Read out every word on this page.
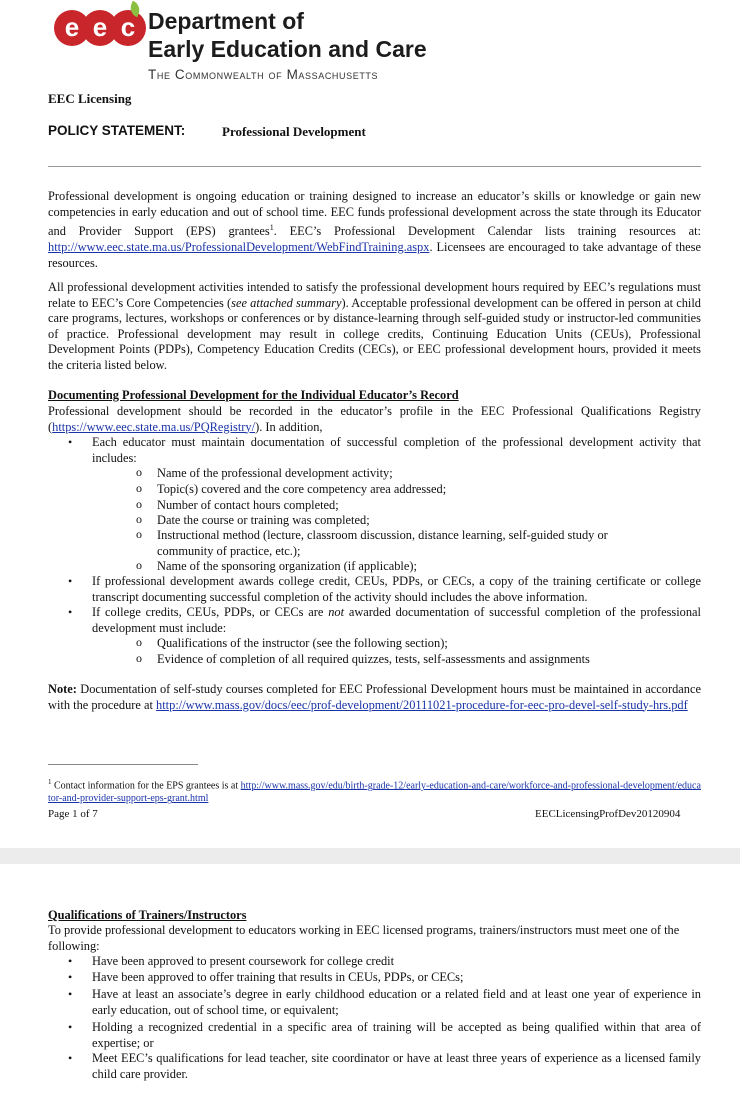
e e c Department of
Early Education and Care
The Commonwealth of Massachusetts
EEC Licensing
POLICY STATEMENT:	Professional Development
Professional development is ongoing education or training designed to increase an educator’s skills or knowledge or gain new competencies in early education and out of school time. EEC funds professional development across the state through its Educator and Provider Support (EPS) grantees$^1$. EEC’s Professional Development Calendar lists training resources at: http://www.eec.state.ma.us/ProfessionalDevelopment/WebFindTraining.aspx. Licensees are encouraged to take advantage of these resources.
All professional development activities intended to satisfy the professional development hours required by EEC’s regulations must relate to EEC’s Core Competencies (see attached summary). Acceptable professional development can be offered in person at child care programs, lectures, workshops or conferences or by distance-learning through self-guided study or instructor-led communities of practice. Professional development may result in college credits, Continuing Education Units (CEUs), Professional Development Points (PDPs), Competency Education Credits (CECs), or EEC professional development hours, provided it meets the criteria listed below.
Documenting Professional Development for the Individual Educator’s Record
Professional development should be recorded in the educator’s profile in the EEC Professional Qualifications Registry (https://www.eec.state.ma.us/PQRegistry/). In addition,
• Each educator must maintain documentation of successful completion of the professional development activity that includes:
o Name of the professional development activity;
o Topic(s) covered and the core competency area addressed;
o Number of contact hours completed;
o Date the course or training was completed;
o Instructional method (lecture, classroom discussion, distance learning, self-guided study or community of practice, etc.);
o Name of the sponsoring organization (if applicable);
• If professional development awards college credit, CEUs, PDPs, or CECs, a copy of the training certificate or college transcript documenting successful completion of the activity should includes the above information.
• If college credits, CEUs, PDPs, or CECs are not awarded documentation of successful completion of the professional development must include:
o Qualifications of the instructor (see the following section);
o Evidence of completion of all required quizzes, tests, self-assessments and assignments
Note: Documentation of self-study courses completed for EEC Professional Development hours must be maintained in accordance with the procedure at http://www.mass.gov/docs/eec/prof-development/20111021-procedure-for-eec-pro-devel-self-study-hrs.pdf
$^1$ Contact information for the EPS grantees is at http://www.mass.gov/edu/birth-grade-12/early-education-and-care/workforce-and-professional-development/educator-and-provider-support-eps-grant.html
Page 1 of 7	EECLicensingProfDev20120904
Qualifications of Trainers/Instructors
To provide professional development to educators working in EEC licensed programs, trainers/instructors must meet one of the following:
• Have been approved to present coursework for college credit
• Have been approved to offer training that results in CEUs, PDPs, or CECs;
• Have at least an associate’s degree in early childhood education or a related field and at least one year of experience in early education, out of school time, or equivalent;
• Holding a recognized credential in a specific area of training will be accepted as being qualified within that area of expertise; or
• Meet EEC’s qualifications for lead teacher, site coordinator or have at least three years of experience as a licensed family child care provider.
